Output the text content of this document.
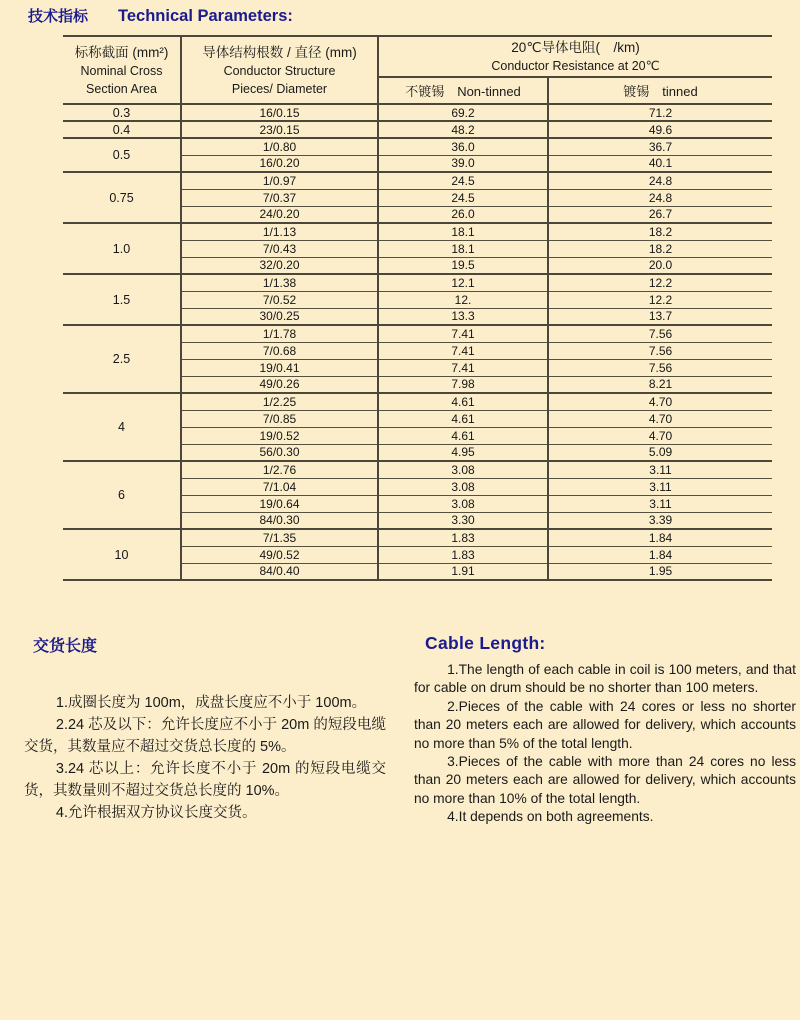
技术指标 Technical Parameters:
标称截面 (mm²)
Nominal Cross
Section Area

导体结构根数 / 直径 (mm)
Conductor Structure
Pieces/ Diameter

20℃导体电阻(　/km)
Conductor Resistance at 20℃

		不镀锡　Non-tinned	镀锡　tinned
0.3	16/0.15	69.2	71.2
0.4	23/0.15	48.2	49.6
0.5	1/0.80	36.0	36.7
	16/0.20	39.0	40.1
0.75	1/0.97	24.5	24.8
	7/0.37	24.5	24.8
	24/0.20	26.0	26.7
1.0	1/1.13	18.1	18.2
	7/0.43	18.1	18.2
	32/0.20	19.5	20.0
1.5	1/1.38	12.1	12.2
	7/0.52	12.	12.2
	30/0.25	13.3	13.7
2.5	1/1.78	7.41	7.56
	7/0.68	7.41	7.56
	19/0.41	7.41	7.56
	49/0.26	7.98	8.21
4	1/2.25	4.61	4.70
	7/0.85	4.61	4.70
	19/0.52	4.61	4.70
	56/0.30	4.95	5.09
6	1/2.76	3.08	3.11
	7/1.04	3.08	3.11
	19/0.64	3.08	3.11
	84/0.30	3.30	3.39
10	7/1.35	1.83	1.84
	49/0.52	1.83	1.84
	84/0.40	1.91	1.95
交货长度

1.成圈长度为 100m，成盘长度应不小于 100m。

2.24 芯及以下：允许长度应不小于 20m 的短段电缆交货，其数量应不超过交货总长度的 5%。

3.24 芯以上：允许长度不小于 20m 的短段电缆交货，其数量则不超过交货总长度的 10%。

4.允许根据双方协议长度交货。

Cable Length:

1.The length of each cable in coil is 100 meters, and that for cable on drum should be no shorter than 100 meters.

2.Pieces of the cable with 24 cores or less no shorter than 20 meters each are allowed for delivery, which accounts no more than 5% of the total length.

3.Pieces of the cable with more than 24 cores no less than 20 meters each are allowed for delivery, which accounts no more than 10% of the total length.

4.It depends on both agreements.
